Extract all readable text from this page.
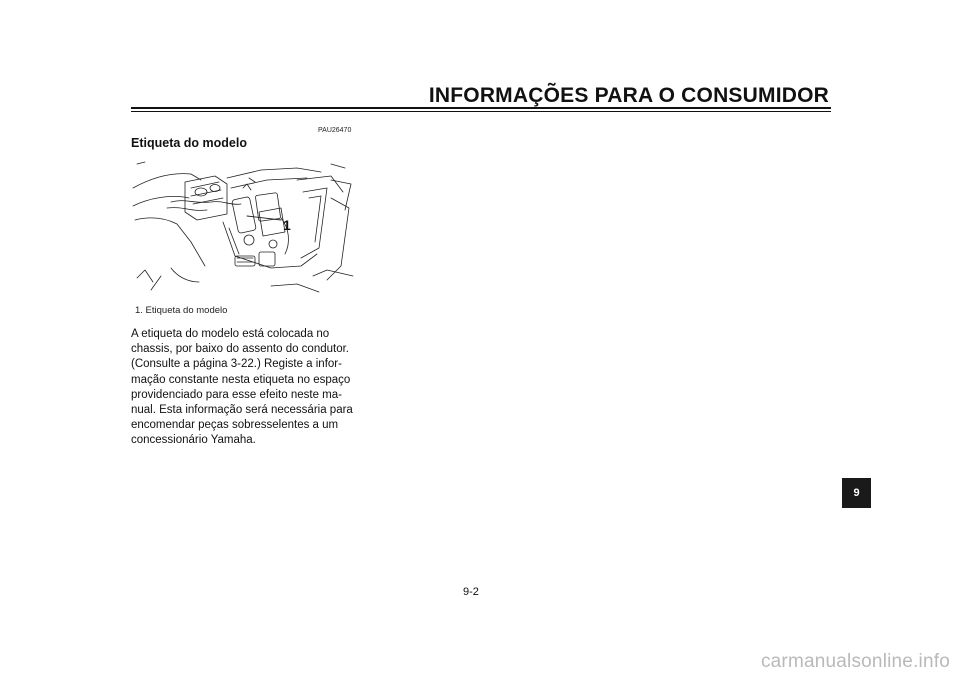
INFORMAÇÕES PARA O CONSUMIDOR
PAU26470
Etiqueta do modelo
1
1. Etiqueta do modelo
A etiqueta do modelo está colocada no
chassis, por baixo do assento do condutor.
(Consulte a página 3-22.) Registe a infor-
mação constante nesta etiqueta no espaço
providenciado para esse efeito neste ma-
nual. Esta informação será necessária para
encomendar peças sobresselentes a um
concessionário Yamaha.
9
9-2
carmanualsonline.info
